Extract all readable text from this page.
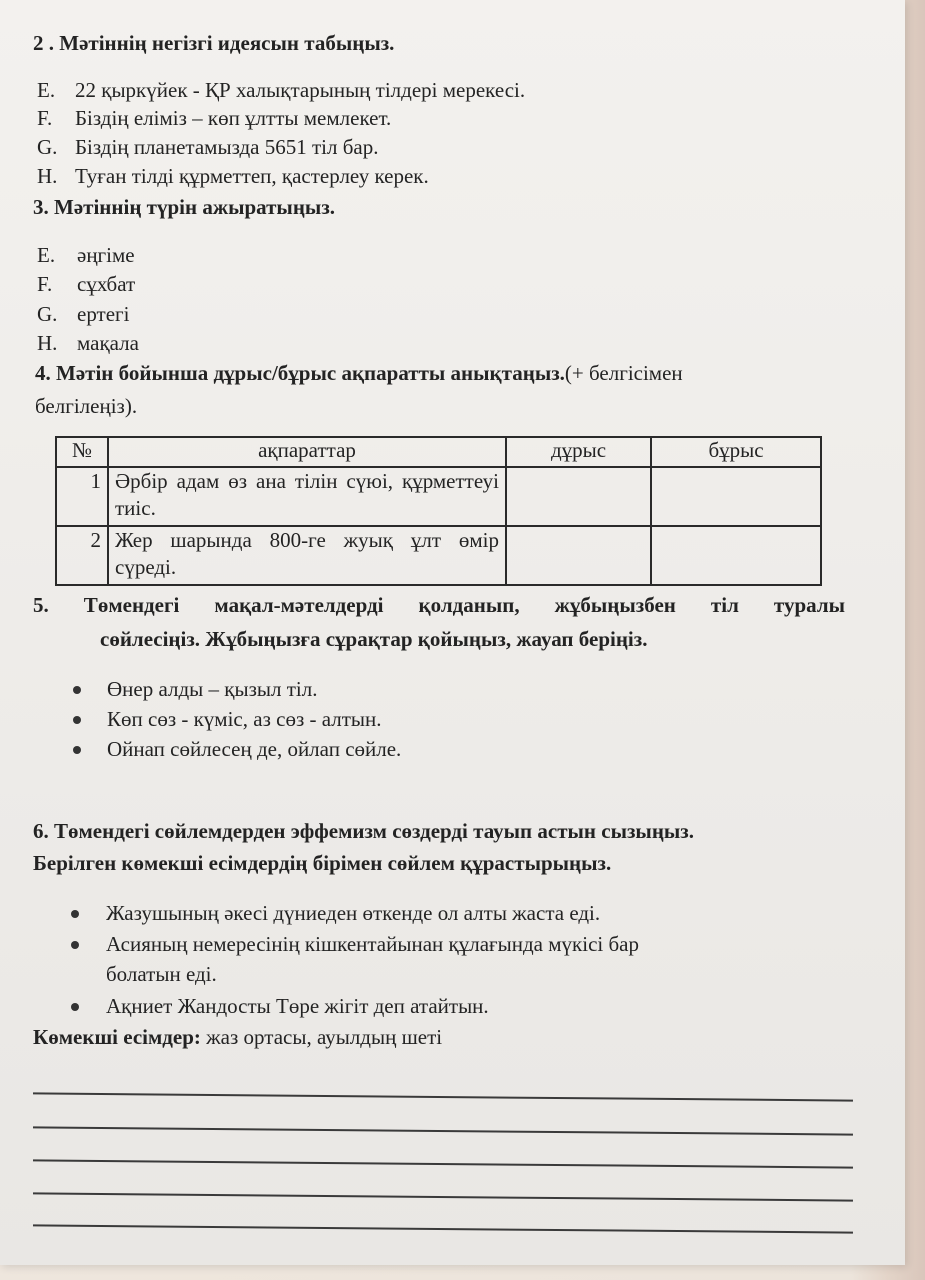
2 . Мәтіннің негізгі идеясын табыңыз.
E. 22 қыркүйек - ҚР халықтарының тілдері мерекесі.
F. Біздің еліміз – көп ұлтты мемлекет.
G. Біздің планетамызда 5651 тіл бар.
H. Туған тілді құрметтеп, қастерлеу керек.
3. Мәтіннің түрін ажыратыңыз.
E. әңгіме
F. сұхбат
G. ертегі
H. мақала
4. Мәтін бойынша дұрыс/бұрыс ақпаратты анықтаңыз.(+ белгісімен
белгілеңіз).
№	ақпараттар	дұрыс	бұрыс
1	Әрбір адам өз ана тілін сүюі, құрметтеуі тиіс.		
2	Жер шарында 800-ге жуық ұлт өмір сүреді.		
5. Төмендегі мақал-мәтелдерді қолданып, жұбыңызбен тіл туралы
сөйлесіңіз. Жұбыңызға сұрақтар қойыңыз, жауап беріңіз.
Өнер алды – қызыл тіл.
Көп сөз - күміс, аз сөз - алтын.
Ойнап сөйлесең де, ойлап сөйле.
6. Төмендегі сөйлемдерден эффемизм сөздерді тауып астын сызыңыз.
Берілген көмекші есімдердің бірімен сөйлем құрастырыңыз.
Жазушының әкесі дүниеден өткенде ол алты жаста еді.
Асияның немересінің кішкентайынан құлағында мүкісі бар
болатын еді.
Ақниет Жандосты Төре жігіт деп атайтын.
Көмекші есімдер: жаз ортасы, ауылдың шеті
